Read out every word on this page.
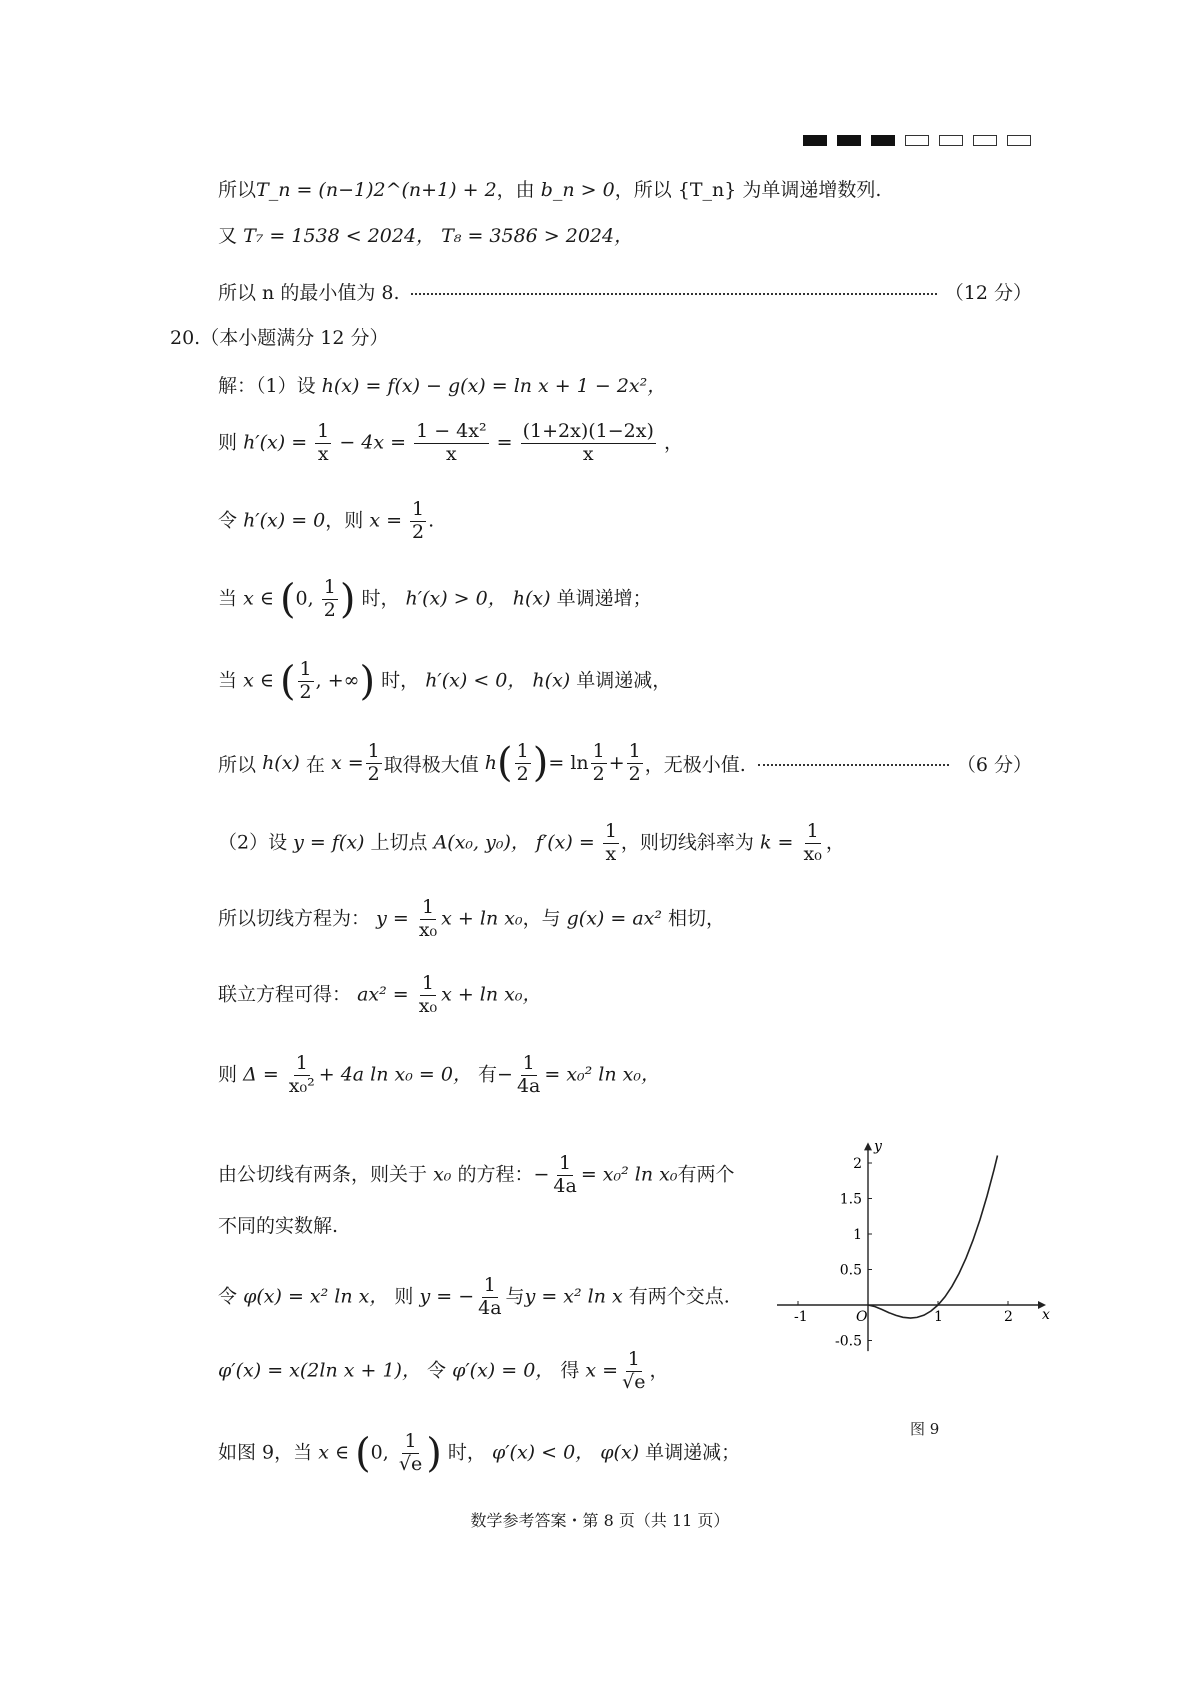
所以T_n = (n−1)2^(n+1) + 2，由 b_n > 0，所以 {T_n} 为单调递增数列.
又 T₇ = 1538 < 2024， T₈ = 3586 > 2024，
所以 n 的最小值为 8.	（12 分）
20.（本小题满分 12 分）
解：（1）设 h(x) = f(x) − g(x) = ln x + 1 − 2x²，
则 $h'(x) = \frac{1}{x} - 4x = \frac{\text{1 − 4x²}}{x} = \frac{(1+2x)(1-2x)}{x}$ ，
令 h′(x) = 0，则 $x = \frac{1}{2}$ .
当 x ∈ (0, $\frac{1}{2}$ ) 时， h′(x) > 0， h(x) 单调递增；
当 x ∈ ( $\frac{1}{2}$ , +∞) 时， h′(x) < 0， h(x) 单调递减，
所以
h(x)
在
$x = \frac{1}{2}$ 取得极大值
h ( $\frac{1}{2}$ ) = $\ln \frac{1}{2} + \frac{1}{2}$ ，无极小值.	（6 分）
（2）设 y = f(x) 上切点 A(x₀, y₀)， $f'(x) = \frac{1}{x}$ ，则切线斜率为 $k = \frac{1}{\text{x₀}}$ ，
所以切线方程为： $y = \frac{1}{\text{x₀}}$ x + ln x₀，与 g(x) = ax² 相切，
联立方程可得： $ax^2 = \frac{1}{\text{x₀}}$ x + ln x₀，
则 $\Delta = \frac{1}{\text{x₀²}} + 4a$ ln x₀ = 0， 有− $\frac{1}{4a} = x_0^2$ ln x₀，
由公切线有两条，则关于 x₀ 的方程：− $\frac{1}{4a} = x_0^2$ ln x₀有两个
不同的实数解.
令 φ(x) = x² ln x， 则 y = − $\frac{1}{4a}$ 与y = x² ln x 有两个交点.
φ′(x) = x(2ln x + 1)， 令 φ′(x) = 0， 得 $x = \frac{1}{√e}$ ，
如图 9，当 x ∈ (0, $\frac{1}{√e}$ ) 时， φ′(x) < 0， φ(x) 单调递减；
x
y
-1	O	1	2
2
1.5
1
0.5
-0.5
图 9
数学参考答案・第 8 页（共 11 页）
